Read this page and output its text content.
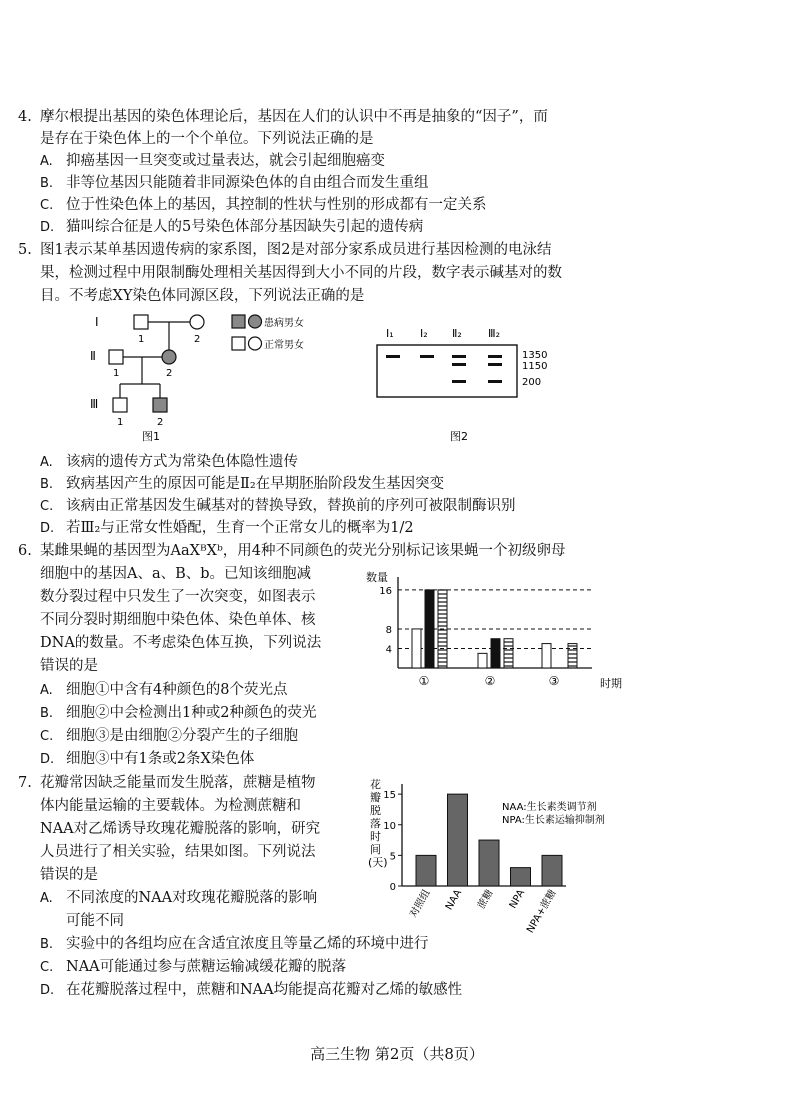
4. 摩尔根提出基因的染色体理论后，基因在人们的认识中不再是抽象的“因子”，而
是存在于染色体上的一个个单位。下列说法正确的是
A. 抑癌基因一旦突变或过量表达，就会引起细胞癌变
B. 非等位基因只能随着非同源染色体的自由组合而发生重组
C. 位于性染色体上的基因，其控制的性状与性别的形成都有一定关系
D. 猫叫综合征是人的5号染色体部分基因缺失引起的遗传病
5. 图1表示某单基因遗传病的家系图，图2是对部分家系成员进行基因检测的电泳结
果，检测过程中用限制酶处理相关基因得到大小不同的片段，数字表示碱基对的数
目。不考虑XY染色体同源区段，下列说法正确的是
I
Ⅱ
Ⅲ
1	2
1	2
1	2
患病男女
正常男女
图1
Ⅰ₁ Ⅰ₂ Ⅱ₂ Ⅲ₂
1350
1150
200
图2
A. 该病的遗传方式为常染色体隐性遗传
B. 致病基因产生的原因可能是Ⅱ₂在早期胚胎阶段发生基因突变
C. 该病由正常基因发生碱基对的替换导致，替换前的序列可被限制酶识别
D. 若Ⅲ₂与正常女性婚配，生育一个正常女儿的概率为1/2
6. 某雌果蝇的基因型为AaXᴮXᵇ，用4种不同颜色的荧光分别标记该果蝇一个初级卵母
细胞中的基因A、a、B、b。已知该细胞减
数分裂过程中只发生了一次突变，如图表示
不同分裂时期细胞中染色体、染色单体、核
DNA的数量。不考虑染色体互换，下列说法
错误的是
A. 细胞①中含有4种颜色的8个荧光点
B. 细胞②中会检测出1种或2种颜色的荧光
C. 细胞③是由细胞②分裂产生的子细胞
D. 细胞③中有1条或2条X染色体
数量
时期
4
8
16
①	②	③
7. 花瓣常因缺乏能量而发生脱落，蔗糖是植物
体内能量运输的主要载体。为检测蔗糖和
NAA对乙烯诱导玫瑰花瓣脱落的影响，研究
人员进行了相关实验，结果如图。下列说法
错误的是
A. 不同浓度的NAA对玫瑰花瓣脱落的影响
可能不同
B. 实验中的各组均应在含适宜浓度且等量乙烯的环境中进行
C. NAA可能通过参与蔗糖运输减缓花瓣的脱落
D. 在花瓣脱落过程中，蔗糖和NAA均能提高花瓣对乙烯的敏感性
花
瓣
脱
落
时
间
(天)
NAA:生长素类调节剂
NPA:生长素运输抑制剂
0
5
10
15
对照组 NAA 蔗糖 NPA
NPA+蔗糖
高三生物 第2页（共8页）
